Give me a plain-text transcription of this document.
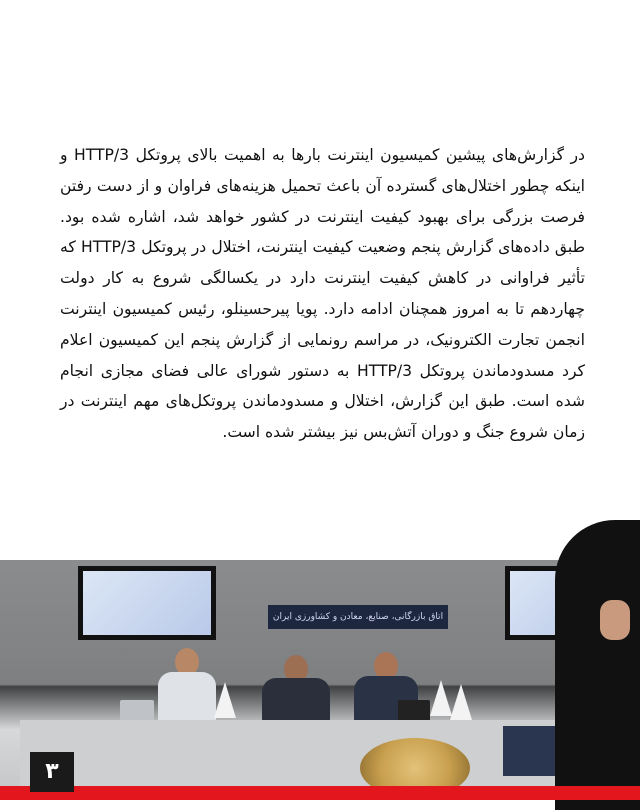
در گزارش‌های پیشین کمیسیون اینترنت بارها به اهمیت بالای پروتکل HTTP/3 و اینکه چطور اختلال‌های گسترده آن باعث تحمیل هزینه‌های فراوان و از دست رفتن فرصت بزرگی برای بهبود کیفیت اینترنت در کشور خواهد شد، اشاره شده بود. طبق داده‌های گزارش پنجم وضعیت کیفیت اینترنت، اختلال در پروتکل HTTP/3 که تأثیر فراوانی در کاهش کیفیت اینترنت دارد در یکسالگی شروع به کار دولت چهاردهم تا به امروز همچنان ادامه دارد. پویا پیرحسینلو، رئیس کمیسیون اینترنت انجمن تجارت الکترونیک، در مراسم رونمایی از گزارش پنجم این کمیسیون اعلام کرد مسدودماندن پروتکل HTTP/3 به دستور شورای عالی فضای مجازی انجام شده است. طبق این گزارش، اختلال و مسدودماندن پروتکل‌های مهم اینترنت در زمان شروع جنگ و دوران آتش‌بس نیز بیشتر شده است.

اتاق بازرگانی، صنایع، معادن و کشاورزی ایران
۳
